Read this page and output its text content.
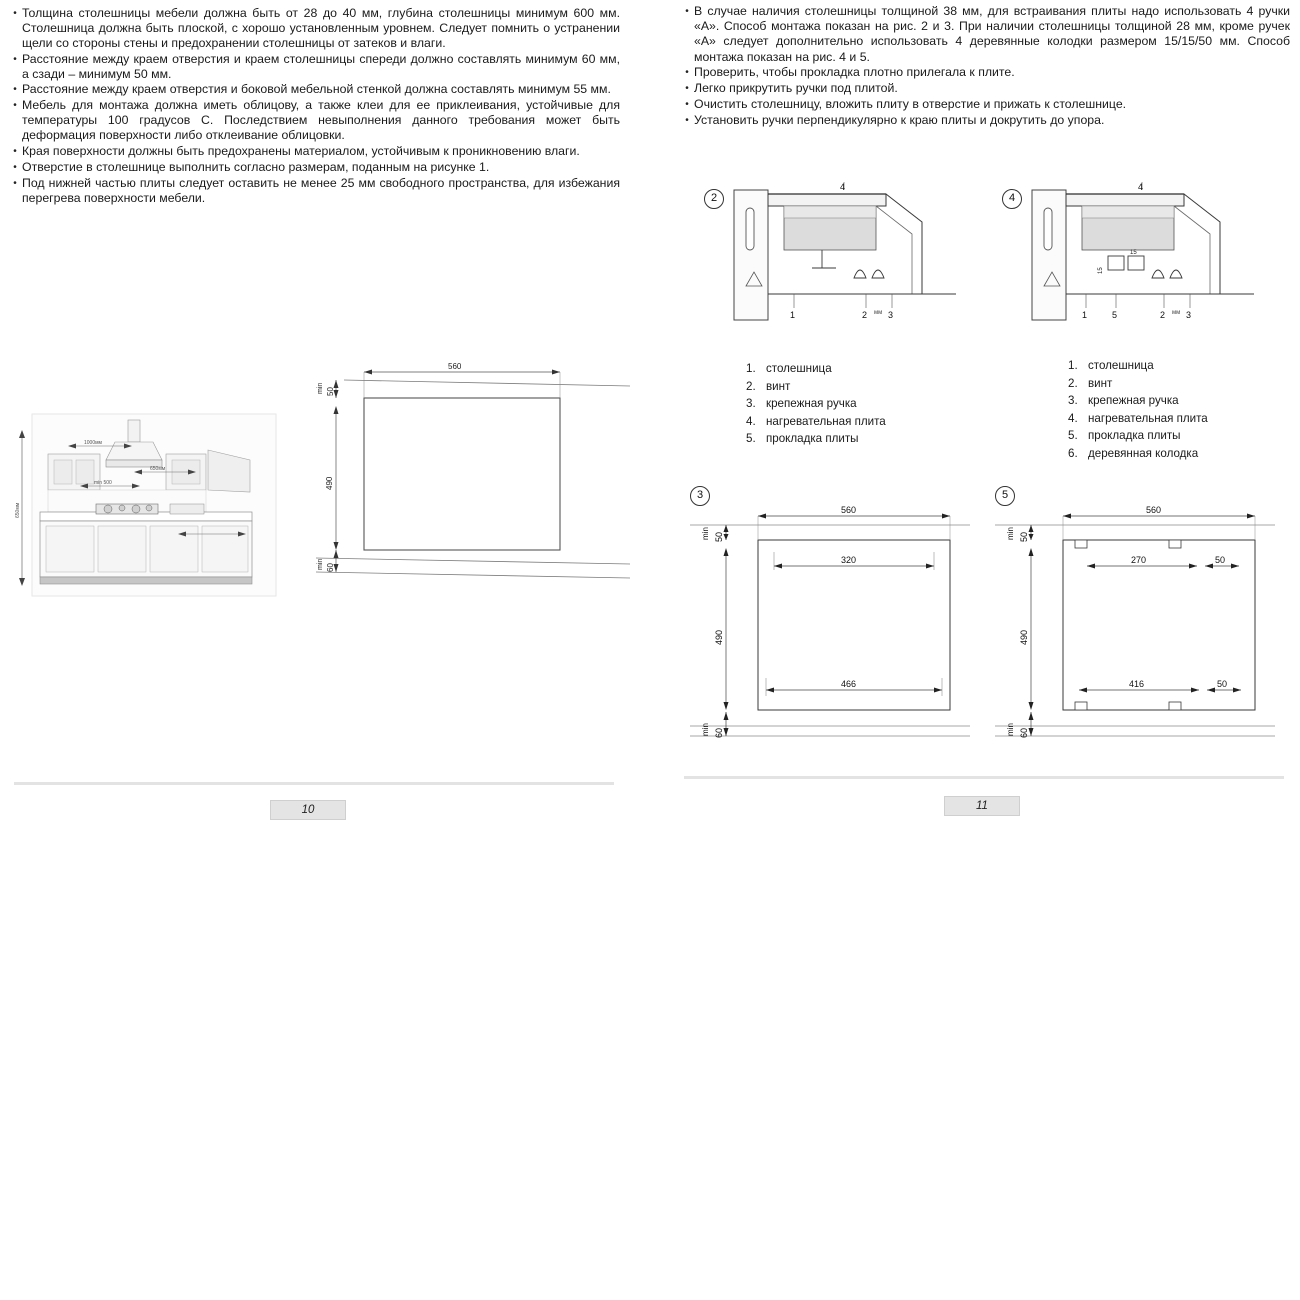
• Толщина столешницы мебели должна быть от 28 до 40 мм, глубина столешницы минимум 600 мм. Столешница должна быть плоской, с хорошо установленным уровнем. Следует помнить о устранении щели со стороны стены и предохранении столешницы от затеков и влаги.
• Расстояние между краем отверстия и краем столешницы спереди должно составлять минимум 60 мм, а сзади – минимум 50 мм.
• Расстояние между краем отверстия и боковой мебельной стенкой должна составлять минимум 55 мм.
• Мебель для монтажа должна иметь облицову, а также клеи для ее приклеивания, устойчивые для температуры 100 градусов С. Последствием невыполнения данного требования может быть деформация поверхности либо отклеивание облицовки.
• Края поверхности должны быть предохранены материалом, устойчивым к проникновению влаги.
• Отверстие в столешнице выполнить согласно размерам, поданным на рисунке 1.
• Под нижней частью плиты следует оставить не менее 25 мм свободного пространства, для избежания перегрева поверхности мебели.
650мм
1000мм
650мм
min 500
560
min 50
490
min 60
10
• В случае наличия столешницы толщиной 38 мм, для встраивания плиты надо использовать 4 ручки «А». Способ монтажа показан на рис. 2 и 3. При наличии столешницы толщиной 28 мм, кроме ручек «А» следует дополнительно использовать 4 деревянные колодки размером 15/15/50 мм. Способ монтажа показан на рис. 4 и 5.
• Проверить, чтобы прокладка плотно прилегала к плите.
• Легко прикрутить ручки под плитой.
• Очистить столешницу, вложить плиту в отверстие и прижать к столешнице.
• Установить ручки перпендикулярно к краю плиты и докрутить до упора.
2
1	2 мм 3
4
4
15
15
1	5	2 мм 3
4
1. столешница
2. винт
3. крепежная ручка
4. нагревательная плита
5. прокладка плиты
1. столешница
2. винт
3. крепежная ручка
4. нагревательная плита
5. прокладка плиты
6. деревянная колодка
3
560
min 50
490
min 60
320
466
5
560
min 50
490
min 60
270	50
416	50
11
